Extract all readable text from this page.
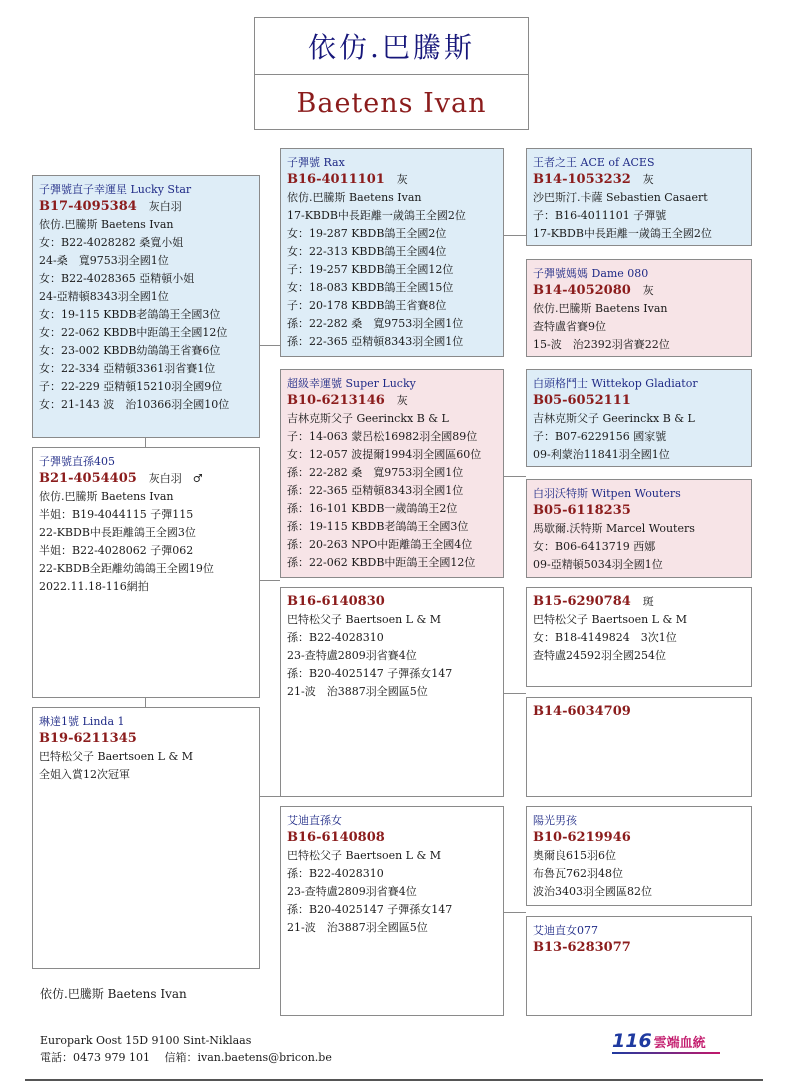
依仿.巴騰斯
Baetens Ivan
子彈號直子幸運星 Lucky Star
B17-4095384 灰白羽
依仿.巴騰斯 Baetens Ivan
女：B22-4028282 桑寬小姐
24-桑　寬9753羽全國1位
女：B22-4028365 亞精頓小姐
24-亞精頓8343羽全國1位
女：19-115 KBDB老鴿鴿王全國3位
女：22-062 KBDB中距鴿王全國12位
女：23-002 KBDB幼鴿鴿王省賽6位
女：22-334 亞精頓3361羽省賽1位
子：22-229 亞精頓15210羽全國9位
女：21-143 波　治10366羽全國10位
子彈號直孫405
B21-4054405 灰白羽　♂
依仿.巴騰斯 Baetens Ivan
半姐：B19-4044115 子彈115
22-KBDB中長距離鴿王全國3位
半姐：B22-4028062 子彈062
22-KBDB全距離幼鴿鴿王全國19位
2022.11.18-116網拍
琳達1號 Linda 1
B19-6211345
巴特松父子 Baertsoen L & M
全姐入賞12次冠軍
子彈號 Rax
B16-4011101 灰
依仿.巴騰斯 Baetens Ivan
17-KBDB中長距離一歲鴿王全國2位
女：19-287 KBDB鴿王全國2位
女：22-313 KBDB鴿王全國4位
子：19-257 KBDB鴿王全國12位
女：18-083 KBDB鴿王全國15位
子：20-178 KBDB鴿王省賽8位
孫：22-282 桑　寬9753羽全國1位
孫：22-365 亞精頓8343羽全國1位
超級幸運號 Super Lucky
B10-6213146 灰
吉林克斯父子 Geerinckx B & L
子：14-063 蒙呂松16982羽全國89位
女：12-057 波提爾1994羽全國區60位
孫：22-282 桑　寬9753羽全國1位
孫：22-365 亞精頓8343羽全國1位
孫：16-101 KBDB一歲鴿鴿王2位
孫：19-115 KBDB老鴿鴿王全國3位
孫：20-263 NPO中距離鴿王全國4位
孫：22-062 KBDB中距鴿王全國12位
B16-6140830
巴特松父子 Baertsoen L & M
孫：B22-4028310
23-查特盧2809羽省賽4位
孫：B20-4025147 子彈孫女147
21-波　治3887羽全國區5位
艾迪直孫女
B16-6140808
巴特松父子 Baertsoen L & M
孫：B22-4028310
23-查特盧2809羽省賽4位
孫：B20-4025147 子彈孫女147
21-波　治3887羽全國區5位
王者之王 ACE of ACES
B14-1053232 灰
沙巴斯汀.卡薩 Sebastien Casaert
子：B16-4011101 子彈號
17-KBDB中長距離一歲鴿王全國2位
子彈號媽媽 Dame 080
B14-4052080 灰
依仿.巴騰斯 Baetens Ivan
查特盧省賽9位
15-波　治2392羽省賽22位
白頭格鬥士 Wittekop Gladiator
B05-6052111
吉林克斯父子 Geerinckx B & L
子：B07-6229156 國家號
09-利蒙治11841羽全國1位
白羽沃特斯 Witpen Wouters
B05-6118235
馬歇爾.沃特斯 Marcel Wouters
女：B06-6413719 西娜
09-亞精頓5034羽全國1位
B15-6290784 斑
巴特松父子 Baertsoen L & M
女：B18-4149824　3次1位
查特盧24592羽全國254位
B14-6034709
陽光男孩
B10-6219946
奧爾良615羽6位
布魯瓦762羽48位
波治3403羽全國區82位
艾迪直女077
B13-6283077
依仿.巴騰斯 Baetens Ivan
Europark Oost 15D 9100 Sint-Niklaas
電話：0473 979 101　 信箱：ivan.baetens@bricon.be
116 雲端血統
